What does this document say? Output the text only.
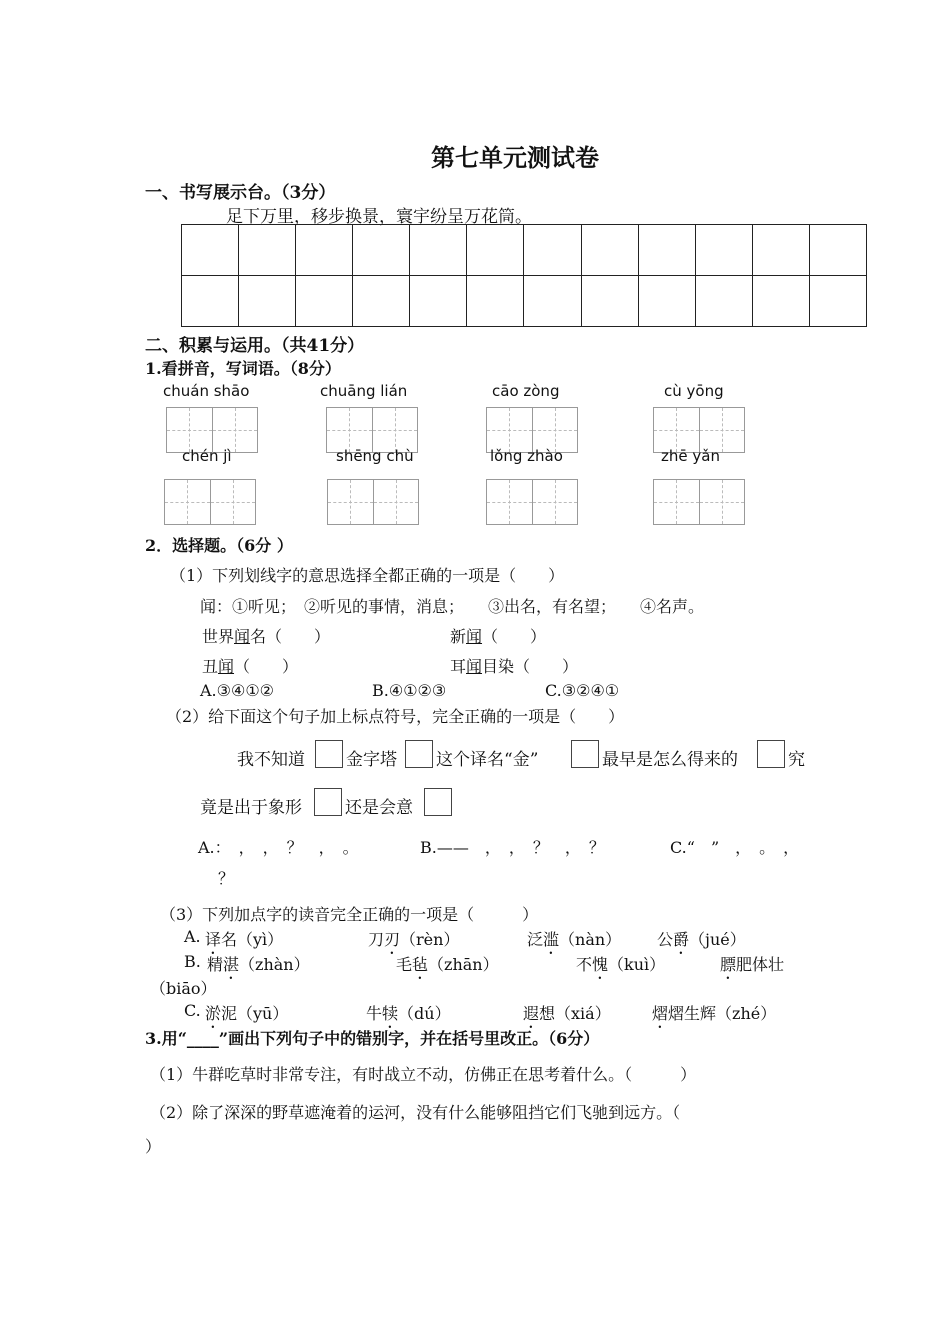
第七单元测试卷
一、书写展示台。（3分）
足下万里，移步换景，寰宇纷呈万花筒。

二、积累与运用。（共41分）
1.看拼音，写词语。（8分）
chuán shāo	chuāng lián	cāo zòng	cù yōng
chén jì	shēng chù	lǒng zhào	zhē yǎn
2．选择题。（6分 ）
（1）下列划线字的意思选择全都正确的一项是（　　）
闻：①听见；　②听见的事情，消息；　　③出名，有名望；　　④名声。
世界闻名（　　）	新闻（　　）
丑闻（　　）	耳闻目染（　　）
A.③④①②	B.④①②③	C.③②④①
（2）给下面这个句子加上标点符号，完全正确的一项是（　　）
我不知道 金字塔 这个译名“金”	最早是怎么得来的	究
竟是出于象形	还是会意
A.：　，　，　？　，　。	B.——　，　，　？　，　？	C.“　”　，　。　，
？
（3）下列加点字的读音完全正确的一项是（　　　）
A. 译名（yì）	刀刃（rèn）	泛滥（nàn） 公爵（jué）
B. 精湛（zhàn）	毛毡（zhān）	不愧（kuì）	膘肥体壮
（biāo）
C. 淤泥（yū）	牛犊（dú）	遐想（xiá）	熠熠生辉（zhé）
3.用“____”画出下列句子中的错别字，并在括号里改正。（6分）
（1）牛群吃草时非常专注，有时战立不动，仿佛正在思考着什么。（　　　）
（2）除了深深的野草遮淹着的运河，没有什么能够阻挡它们飞驰到远方。（
）
